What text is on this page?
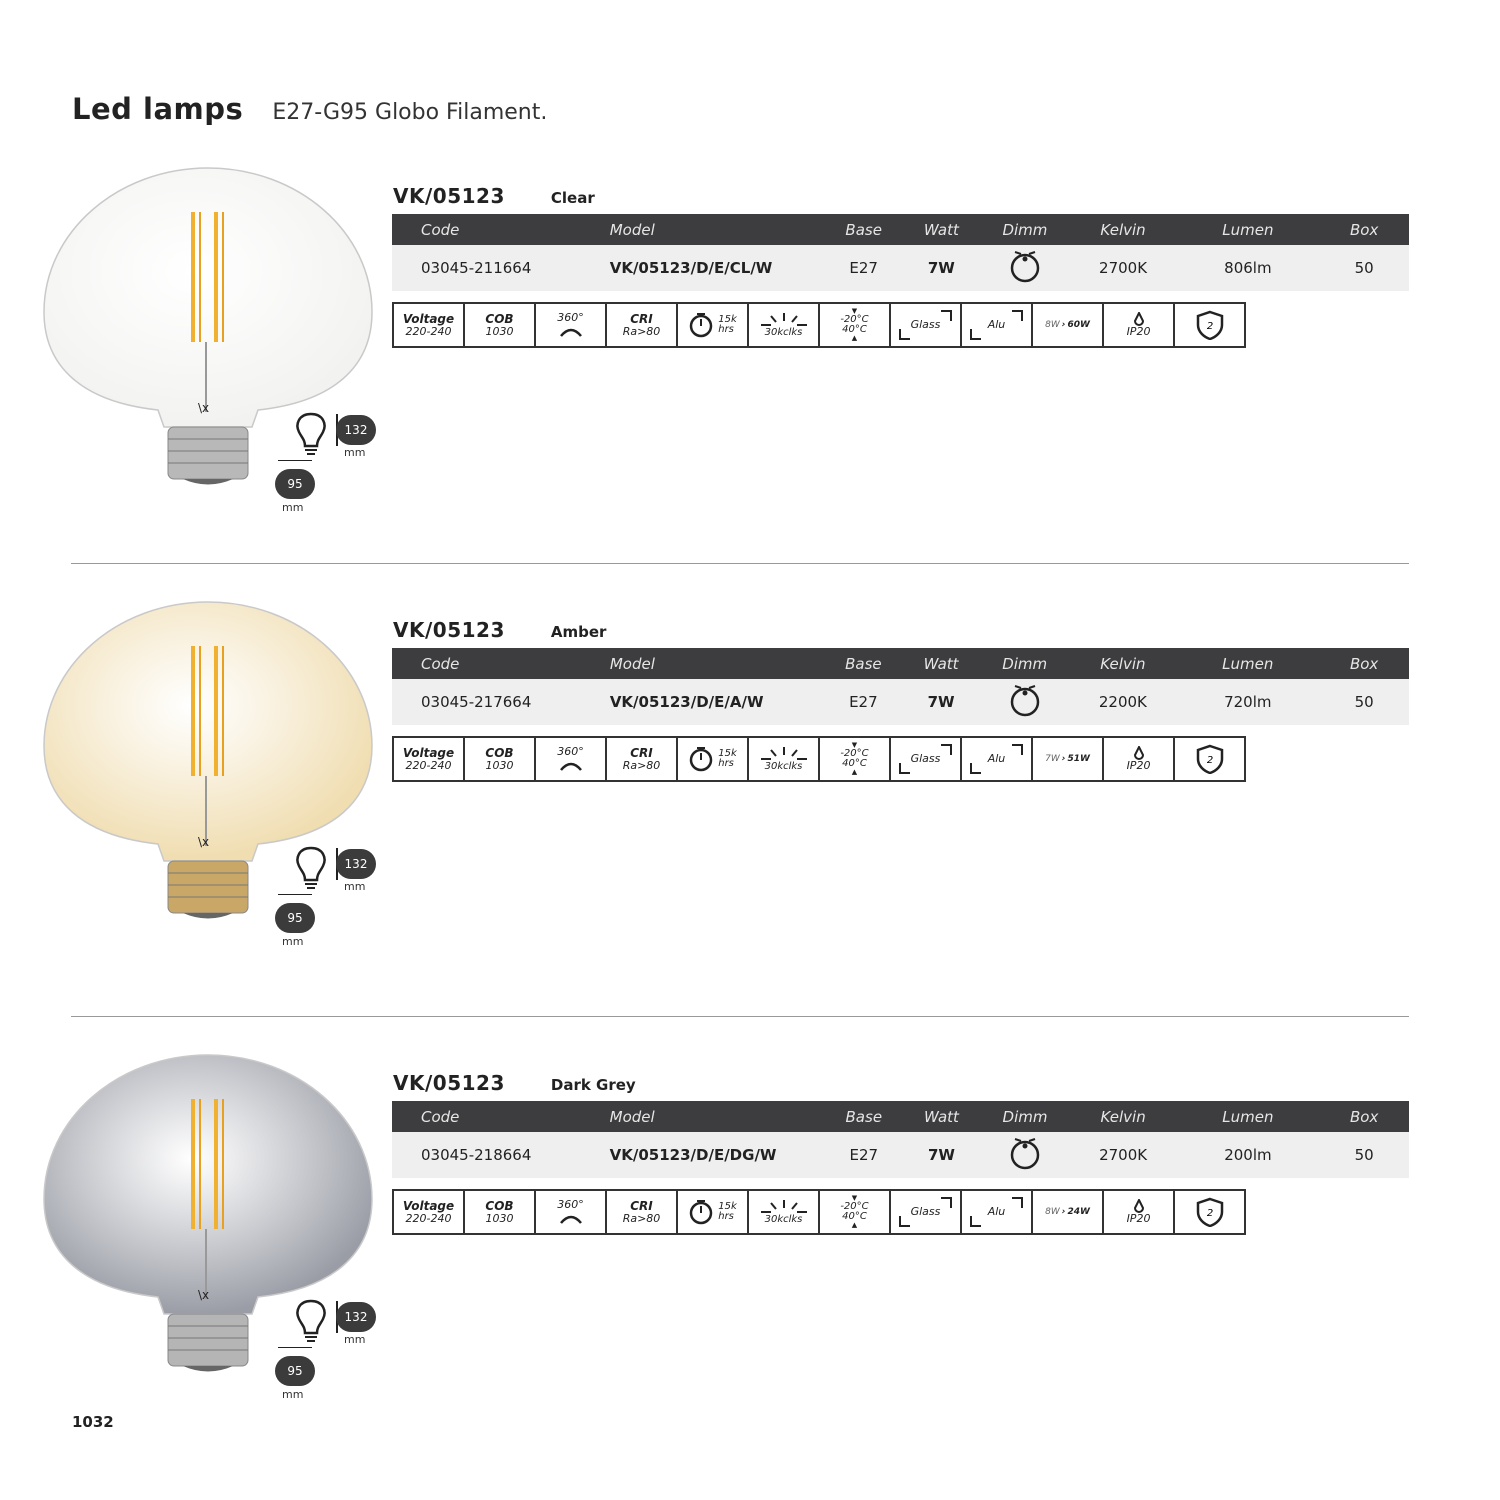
Led lamps E27-G95 Globo Filament.
\x
132
mm
95
mm
VK/05123	Clear
Code	Model	Base	Watt	Dimm	Kelvin	Lumen	Box
03045-211664	VK/05123/D/E/CL/W	E27	7W		2700K	806lm	50
Voltage
220-240
COB
1030
360°	CRI
Ra>80
15k
hrs	30kclks
▼
-20°C
40°C
▲
Glass	Alu	8W › 60W	IP20	2
\x
132
mm
95
mm
VK/05123	Amber
Code	Model	Base	Watt	Dimm	Kelvin	Lumen	Box
03045-217664	VK/05123/D/E/A/W	E27	7W		2200K	720lm	50
Voltage
220-240
COB
1030
360°	CRI
Ra>80
15k
hrs	30kclks
▼
-20°C
40°C
▲
Glass	Alu	7W › 51W	IP20	2
\x
132
mm
95
mm
VK/05123	Dark Grey
Code	Model	Base	Watt	Dimm	Kelvin	Lumen	Box
03045-218664	VK/05123/D/E/DG/W	E27	7W		2700K	200lm	50
Voltage
220-240
COB
1030
360°	CRI
Ra>80
15k
hrs	30kclks
▼
-20°C
40°C
▲
Glass	Alu	8W › 24W	IP20	2
1032
